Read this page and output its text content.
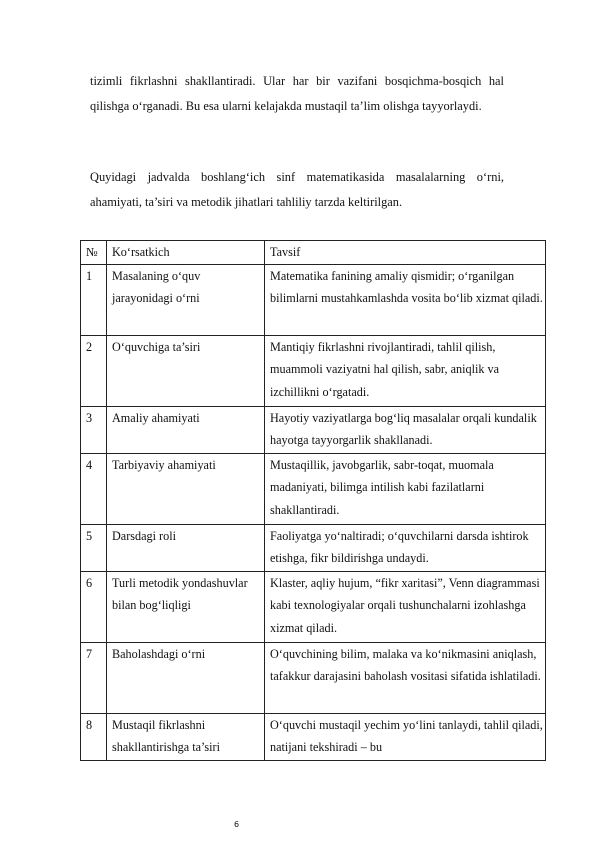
tizimli fikrlashni shakllantiradi. Ular har bir vazifani bosqichma-bosqich hal qilishga o‘rganadi. Bu esa ularni kelajakda mustaqil ta’lim olishga tayyorlaydi.

Quyidagi jadvalda boshlang‘ich sinf matematikasida masalalarning o‘rni, ahamiyati, ta’siri va metodik jihatlari tahliliy tarzda keltirilgan.

№	Ko‘rsatkich	Tavsif
1	Masalaning o‘quv jarayonidagi o‘rni	Matematika fanining amaliy qismidir; o‘rganilgan bilimlarni mustahkamlashda vosita bo‘lib xizmat qiladi.
2	O‘quvchiga ta’siri	Mantiqiy fikrlashni rivojlantiradi, tahlil qilish, muammoli vaziyatni hal qilish, sabr, aniqlik va izchillikni o‘rgatadi.
3	Amaliy ahamiyati	Hayotiy vaziyatlarga bog‘liq masalalar orqali kundalik hayotga tayyorgarlik shakllanadi.
4	Tarbiyaviy ahamiyati	Mustaqillik, javobgarlik, sabr-toqat, muomala madaniyati, bilimga intilish kabi fazilatlarni shakllantiradi.
5	Darsdagi roli	Faoliyatga yo‘naltiradi; o‘quvchilarni darsda ishtirok etishga, fikr bildirishga undaydi.
6	Turli metodik yondashuvlar bilan bog‘liqligi	Klaster, aqliy hujum, “fikr xaritasi”, Venn diagrammasi kabi texnologiyalar orqali tushunchalarni izohlashga xizmat qiladi.
7	Baholashdagi o‘rni	O‘quvchining bilim, malaka va ko‘nikmasini aniqlash, tafakkur darajasini baholash vositasi sifatida ishlatiladi.
8	Mustaqil fikrlashni shakllantirishga ta’siri	O‘quvchi mustaqil yechim yo‘lini tanlaydi, tahlil qiladi, natijani tekshiradi – bu
6
